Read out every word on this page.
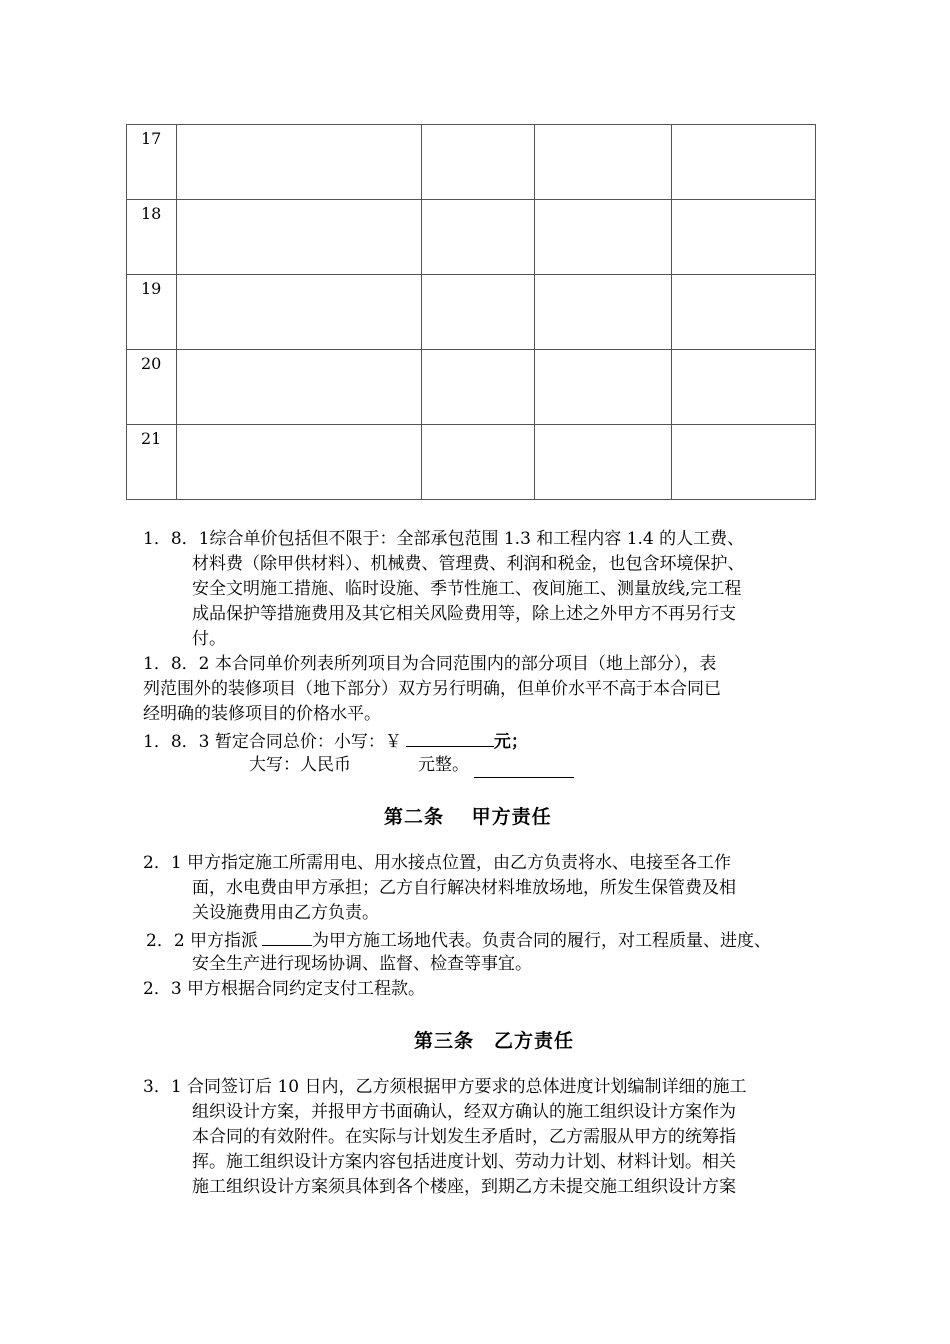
17				
18				
19				
20				
21				
1．8．1综合单价包括但不限于：全部承包范围 1.3 和工程内容 1.4 的人工费、
材料费（除甲供材料）、机械费、管理费、利润和税金，也包含环境保护、
安全文明施工措施、临时设施、季节性施工、夜间施工、测量放线,完工程
成品保护等措施费用及其它相关风险费用等，除上述之外甲方不再另行支
付。
1．8．2 本合同单价列表所列项目为合同范围内的部分项目（地上部分），表
列范围外的装修项目（地下部分）双方另行明确，但单价水平不高于本合同已
经明确的装修项目的价格水平。
1．8．3 暂定合同总价：小写：￥	元；
大写：人民币	元整。
第二条　 甲方责任
2．1 甲方指定施工所需用电、用水接点位置，由乙方负责将水、电接至各工作
面，水电费由甲方承担；乙方自行解决材料堆放场地，所发生保管费及相
关设施费用由乙方负责。
2．2 甲方指派	为甲方施工场地代表。负责合同的履行，对工程质量、进度、
安全生产进行现场协调、监督、检查等事宜。
2．3 甲方根据合同约定支付工程款。
第三条　乙方责任
3．1 合同签订后 10 日内，乙方须根据甲方要求的总体进度计划编制详细的施工
组织设计方案，并报甲方书面确认，经双方确认的施工组织设计方案作为
本合同的有效附件。在实际与计划发生矛盾时，乙方需服从甲方的统筹指
挥。施工组织设计方案内容包括进度计划、劳动力计划、材料计划。相关
施工组织设计方案须具体到各个楼座，到期乙方未提交施工组织设计方案
